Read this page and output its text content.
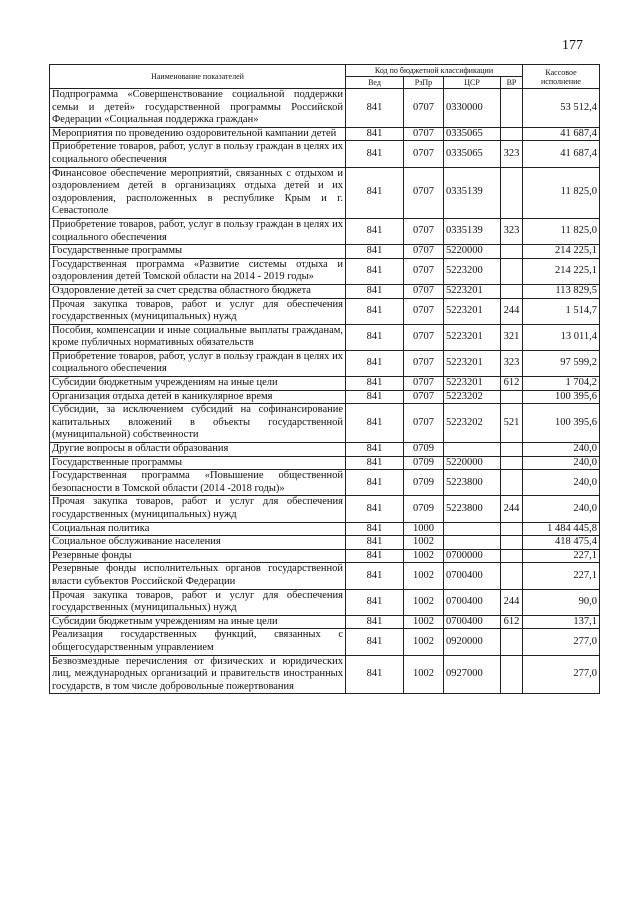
177
Наименование показателей	Код по бюджетной классификации				Кассовое исполнение
	Вед	РзПр	ЦСР	ВР	
Подпрограмма «Совершенствование социальной поддержки семьи и детей» государственной программы Российской Федерации «Социальная поддержка граждан»	841	0707	0330000		53 512,4
Мероприятия по проведению оздоровительной кампании детей	841	0707	0335065		41 687,4
Приобретение товаров, работ, услуг в пользу граждан в целях их социального обеспечения	841	0707	0335065	323	41 687,4
Финансовое обеспечение мероприятий, связанных с отдыхом и оздоровлением детей в организациях отдыха детей и их оздоровления, расположенных в республике Крым и г. Севастополе	841	0707	0335139		11 825,0
Приобретение товаров, работ, услуг в пользу граждан в целях их социального обеспечения	841	0707	0335139	323	11 825,0
Государственные программы	841	0707	5220000		214 225,1
Государственная программа «Развитие системы отдыха и оздоровления детей Томской области на 2014 - 2019 годы»	841	0707	5223200		214 225,1
Оздоровление детей за счет средства областного бюджета	841	0707	5223201		113 829,5
Прочая закупка товаров, работ и услуг для обеспечения государственных (муниципальных) нужд	841	0707	5223201	244	1 514,7
Пособия, компенсации и иные социальные выплаты гражданам, кроме публичных нормативных обязательств	841	0707	5223201	321	13 011,4
Приобретение товаров, работ, услуг в пользу граждан в целях их социального обеспечения	841	0707	5223201	323	97 599,2
Субсидии бюджетным учреждениям на иные цели	841	0707	5223201	612	1 704,2
Организация отдыха детей в каникулярное время	841	0707	5223202		100 395,6
Субсидии, за исключением субсидий на софинансирование капитальных вложений в объекты государственной (муниципальной) собственности	841	0707	5223202	521	100 395,6
Другие вопросы в области образования	841	0709			240,0
Государственные программы	841	0709	5220000		240,0
Государственная программа «Повышение общественной безопасности в Томской области (2014 -2018 годы)»	841	0709	5223800		240,0
Прочая закупка товаров, работ и услуг для обеспечения государственных (муниципальных) нужд	841	0709	5223800	244	240,0
Социальная политика	841	1000			1 484 445,8
Социальное обслуживание населения	841	1002			418 475,4
Резервные фонды	841	1002	0700000		227,1
Резервные фонды исполнительных органов государственной власти субъектов Российской Федерации	841	1002	0700400		227,1
Прочая закупка товаров, работ и услуг для обеспечения государственных (муниципальных) нужд	841	1002	0700400	244	90,0
Субсидии бюджетным учреждениям на иные цели	841	1002	0700400	612	137,1
Реализация государственных функций, связанных с общегосударственным управлением	841	1002	0920000		277,0
Безвозмездные перечисления от физических и юридических лиц, международных организаций и правительств иностранных государств, в том числе добровольные пожертвования	841	1002	0927000		277,0
